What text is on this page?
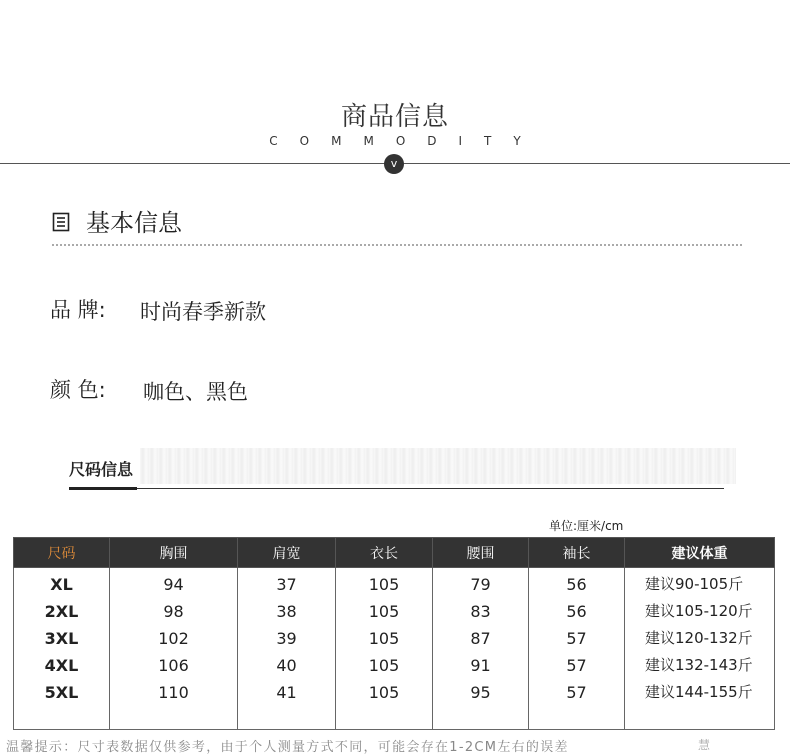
商品信息
COMMODITY
v
基本信息
品 牌: 时尚春季新款
颜 色: 咖色、黑色
尺码信息
单位:厘米/cm
尺码	胸围	肩宽	衣长	腰围	袖长	建议体重
XL	94	37	105	79	56	建议90-105斤
2XL	98	38	105	83	56	建议105-120斤
3XL	102	39	105	87	57	建议120-132斤
4XL	106	40	105	91	57	建议132-143斤
5XL	110	41	105	95	57	建议144-155斤

温馨提示：尺寸表数据仅供参考，由于个人测量方式不同，可能会存在1-2CM左右的误差	慧
